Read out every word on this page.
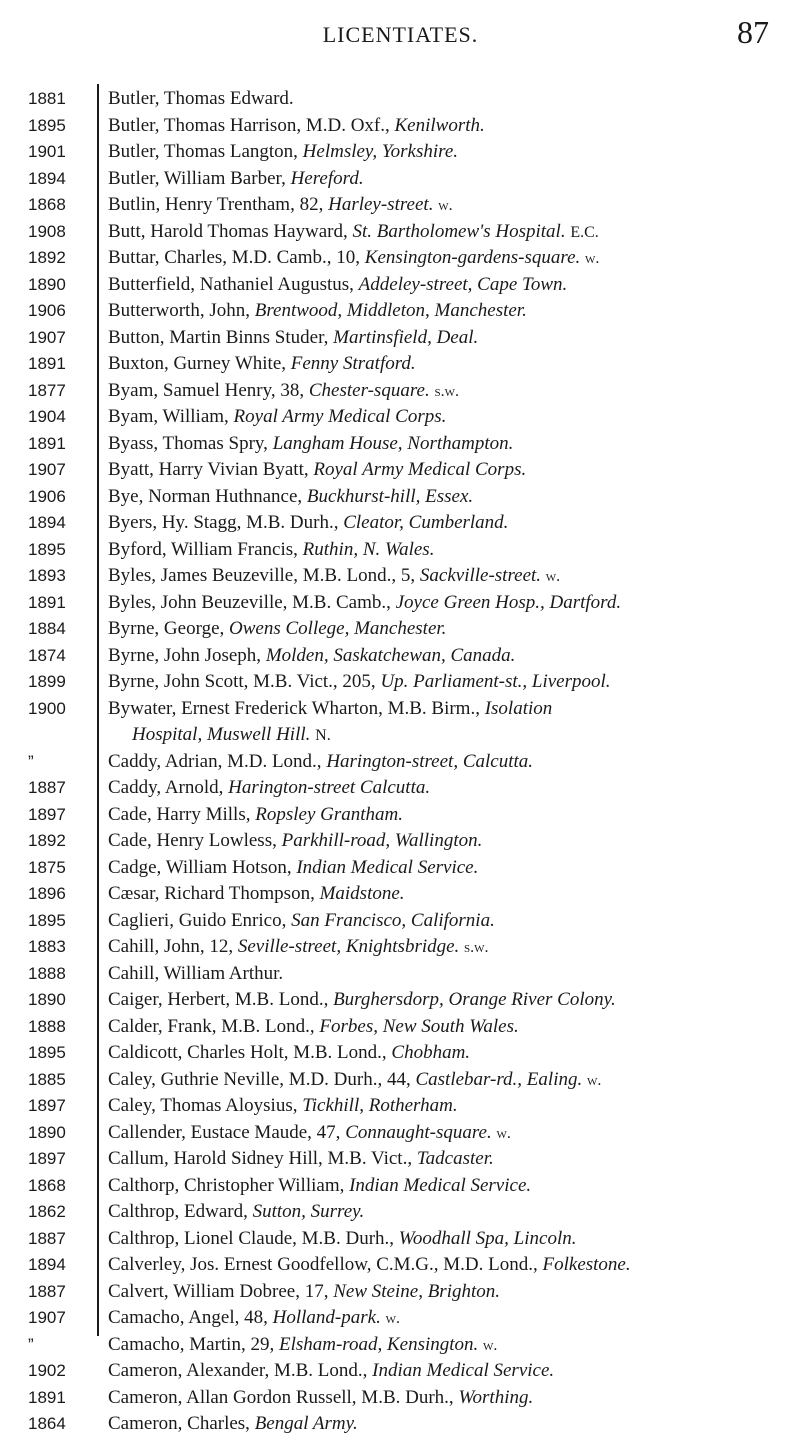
LICENTIATES.	87
1881	Butler, Thomas Edward.
1895	Butler, Thomas Harrison, M.D. Oxf., Kenilworth.
1901	Butler, Thomas Langton, Helmsley, Yorkshire.
1894	Butler, William Barber, Hereford.
1868	Butlin, Henry Trentham, 82, Harley-street. w.
1908	Butt, Harold Thomas Hayward, St. Bartholomew's Hospital. E.C.
1892	Buttar, Charles, M.D. Camb., 10, Kensington-gardens-square. w.
1890	Butterfield, Nathaniel Augustus, Addeley-street, Cape Town.
1906	Butterworth, John, Brentwood, Middleton, Manchester.
1907	Button, Martin Binns Studer, Martinsfield, Deal.
1891	Buxton, Gurney White, Fenny Stratford.
1877	Byam, Samuel Henry, 38, Chester-square. s.w.
1904	Byam, William, Royal Army Medical Corps.
1891	Byass, Thomas Spry, Langham House, Northampton.
1907	Byatt, Harry Vivian Byatt, Royal Army Medical Corps.
1906	Bye, Norman Huthnance, Buckhurst-hill, Essex.
1894	Byers, Hy. Stagg, M.B. Durh., Cleator, Cumberland.
1895	Byford, William Francis, Ruthin, N. Wales.
1893	Byles, James Beuzeville, M.B. Lond., 5, Sackville-street. w.
1891	Byles, John Beuzeville, M.B. Camb., Joyce Green Hosp., Dartford.
1884	Byrne, George, Owens College, Manchester.
1874	Byrne, John Joseph, Molden, Saskatchewan, Canada.
1899	Byrne, John Scott, M.B. Vict., 205, Up. Parliament-st., Liverpool.
1900	Bywater, Ernest Frederick Wharton, M.B. Birm., Isolation
Hospital, Muswell Hill. N.
”	Caddy, Adrian, M.D. Lond., Harington-street, Calcutta.
1887	Caddy, Arnold, Harington-street Calcutta.
1897	Cade, Harry Mills, Ropsley Grantham.
1892	Cade, Henry Lowless, Parkhill-road, Wallington.
1875	Cadge, William Hotson, Indian Medical Service.
1896	Cæsar, Richard Thompson, Maidstone.
1895	Caglieri, Guido Enrico, San Francisco, California.
1883	Cahill, John, 12, Seville-street, Knightsbridge. s.w.
1888	Cahill, William Arthur.
1890	Caiger, Herbert, M.B. Lond., Burghersdorp, Orange River Colony.
1888	Calder, Frank, M.B. Lond., Forbes, New South Wales.
1895	Caldicott, Charles Holt, M.B. Lond., Chobham.
1885	Caley, Guthrie Neville, M.D. Durh., 44, Castlebar-rd., Ealing. w.
1897	Caley, Thomas Aloysius, Tickhill, Rotherham.
1890	Callender, Eustace Maude, 47, Connaught-square. w.
1897	Callum, Harold Sidney Hill, M.B. Vict., Tadcaster.
1868	Calthorp, Christopher William, Indian Medical Service.
1862	Calthrop, Edward, Sutton, Surrey.
1887	Calthrop, Lionel Claude, M.B. Durh., Woodhall Spa, Lincoln.
1894	Calverley, Jos. Ernest Goodfellow, C.M.G., M.D. Lond., Folkestone.
1887	Calvert, William Dobree, 17, New Steine, Brighton.
1907	Camacho, Angel, 48, Holland-park. w.
”	Camacho, Martin, 29, Elsham-road, Kensington. w.
1902	Cameron, Alexander, M.B. Lond., Indian Medical Service.
1891	Cameron, Allan Gordon Russell, M.B. Durh., Worthing.
1864	Cameron, Charles, Bengal Army.
